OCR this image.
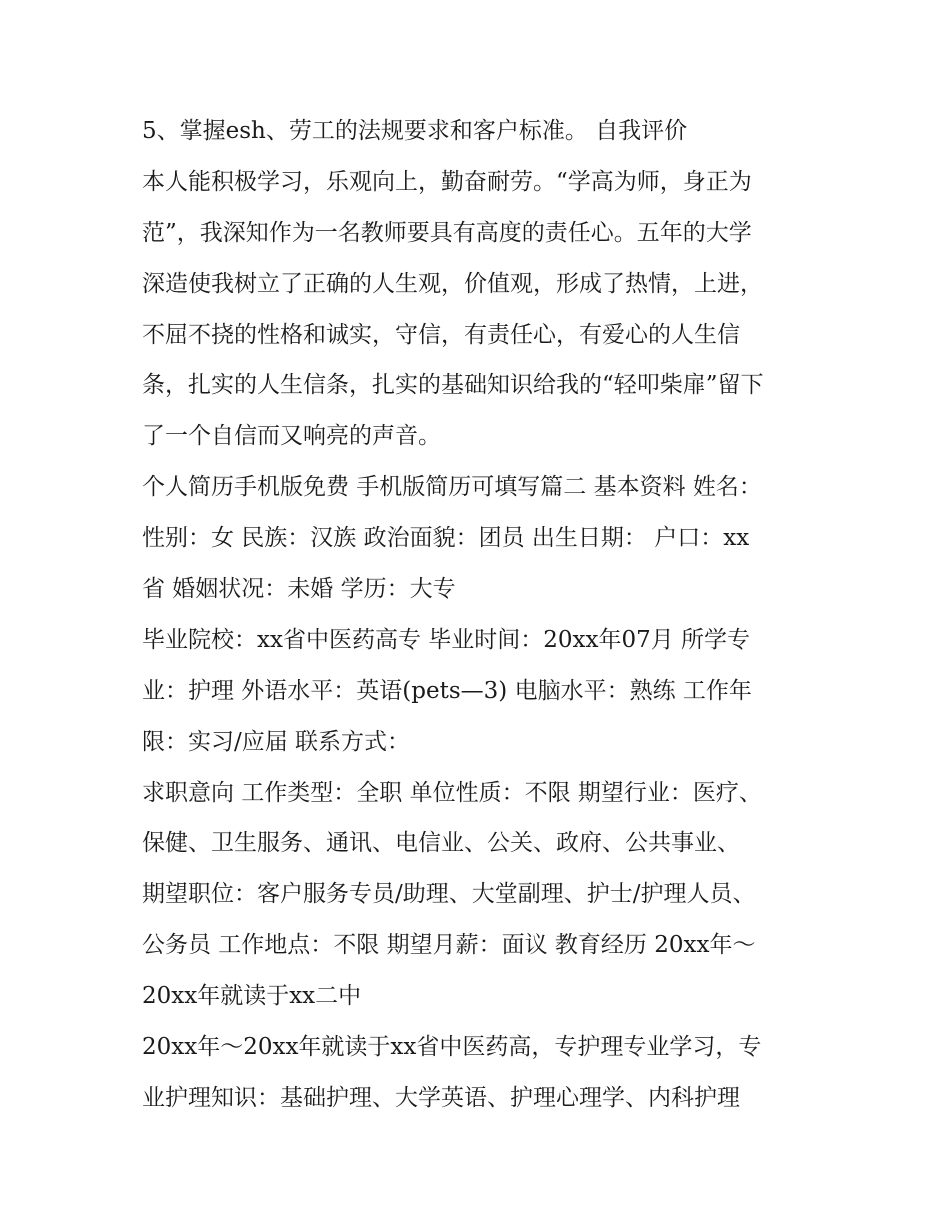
5、掌握esh、劳工的法规要求和客户标准。 自我评价

本人能积极学习，乐观向上，勤奋耐劳。“学高为师，身正为

范”，我深知作为一名教师要具有高度的责任心。五年的大学

深造使我树立了正确的人生观，价值观，形成了热情，上进，

不屈不挠的性格和诚实，守信，有责任心，有爱心的人生信

条，扎实的人生信条，扎实的基础知识给我的“轻叩柴扉”留下

了一个自信而又响亮的声音。

个人简历手机版免费 手机版简历可填写篇二 基本资料 姓名：

性别：女 民族：汉族 政治面貌：团员 出生日期： 户口：xx

省 婚姻状况：未婚 学历：大专

毕业院校：xx省中医药高专 毕业时间：20xx年07月 所学专

业：护理 外语水平：英语(pets—3) 电脑水平：熟练 工作年

限：实习/应届 联系方式：

求职意向 工作类型：全职 单位性质：不限 期望行业：医疗、

保健、卫生服务、通讯、电信业、公关、政府、公共事业、

期望职位：客户服务专员/助理、大堂副理、护士/护理人员、

公务员 工作地点：不限 期望月薪：面议 教育经历 20xx年～

20xx年就读于xx二中

20xx年～20xx年就读于xx省中医药高，专护理专业学习，专

业护理知识：基础护理、大学英语、护理心理学、内科护理
